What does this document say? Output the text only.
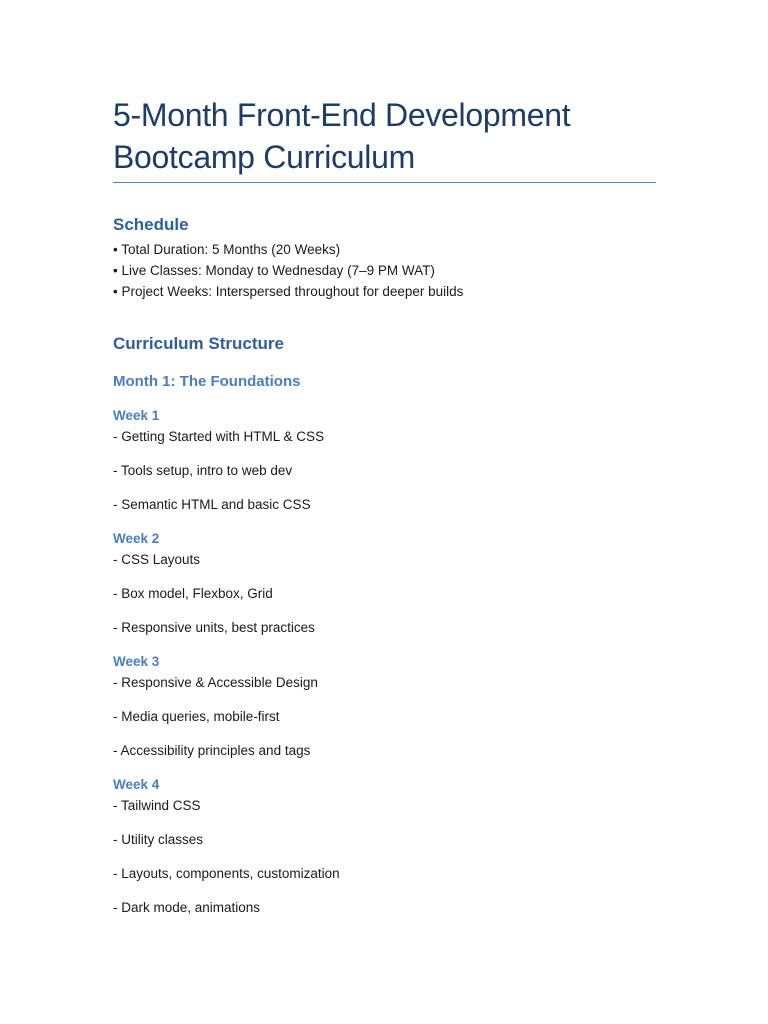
5-Month Front-End Development
Bootcamp Curriculum
Schedule
• Total Duration: 5 Months (20 Weeks)
• Live Classes: Monday to Wednesday (7–9 PM WAT)
• Project Weeks: Interspersed throughout for deeper builds
Curriculum Structure
Month 1: The Foundations
Week 1

- Getting Started with HTML & CSS

- Tools setup, intro to web dev

- Semantic HTML and basic CSS

Week 2

- CSS Layouts

- Box model, Flexbox, Grid

- Responsive units, best practices

Week 3

- Responsive & Accessible Design

- Media queries, mobile-first

- Accessibility principles and tags

Week 4

- Tailwind CSS

- Utility classes

- Layouts, components, customization

- Dark mode, animations
